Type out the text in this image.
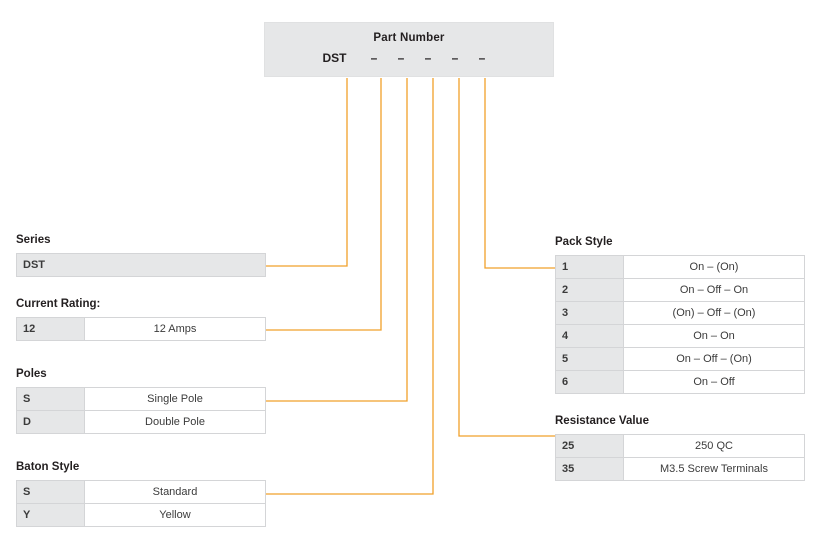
Part Number
DST	–	–	–	–	–
Series
DST
Current Rating:
12	12 Amps
Poles
S	Single Pole
D	Double Pole
Baton Style
S	Standard
Y	Yellow
Pack Style
1	On – (On)
2	On – Off – On
3	(On) – Off – (On)
4	On – On
5	On – Off – (On)
6	On – Off
Resistance Value
25	250 QC
35	M3.5 Screw Terminals
